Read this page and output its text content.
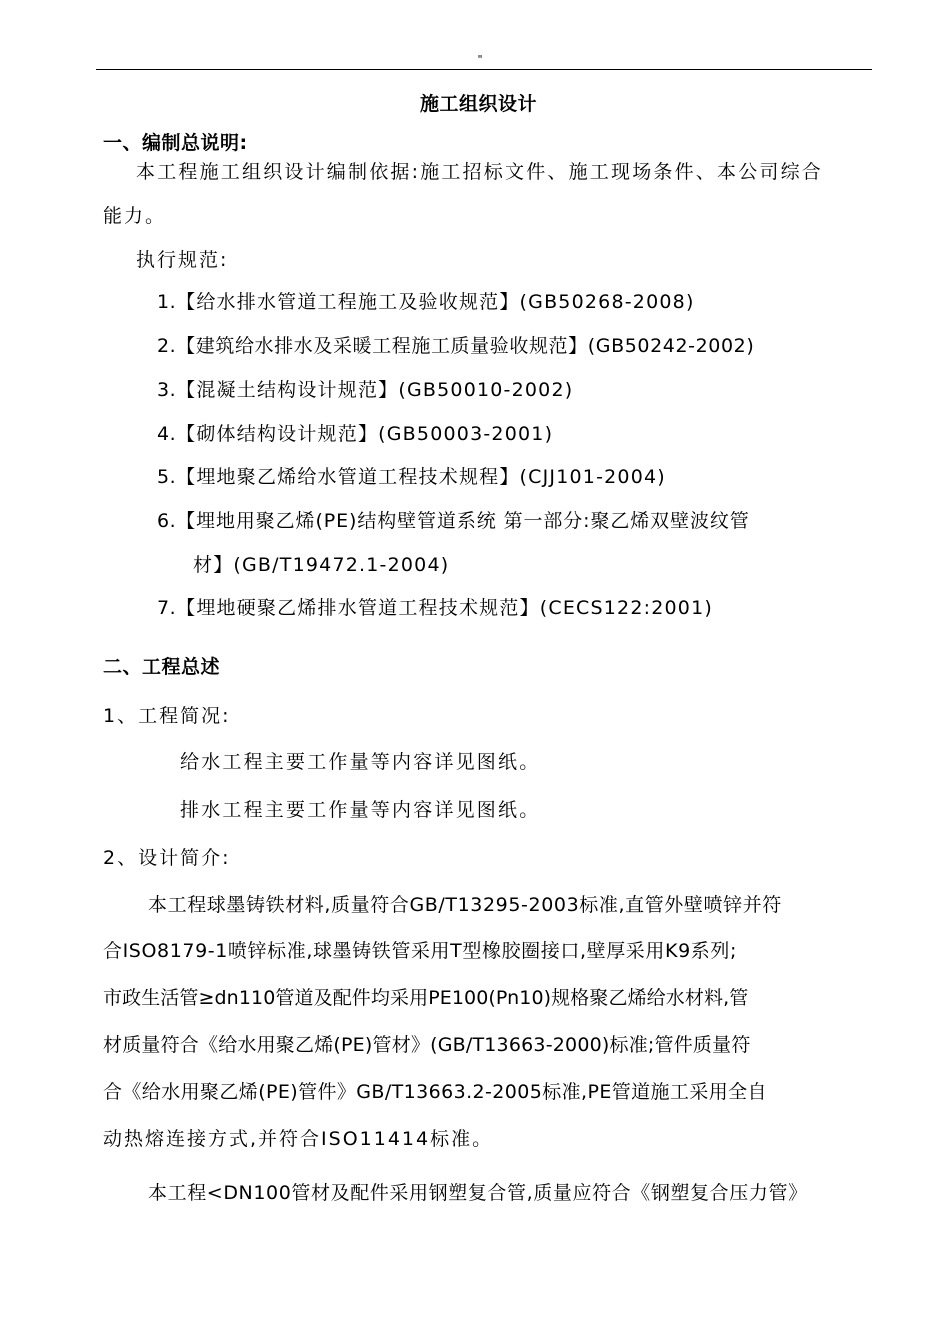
"
施工组织设计
一、编制总说明:
本工程施工组织设计编制依据:施工招标文件、施工现场条件、本公司综合
能力。
执行规范:
1.【给水排水管道工程施工及验收规范】(GB50268-2008)
2.【建筑给水排水及采暖工程施工质量验收规范】(GB50242-2002)
3.【混凝土结构设计规范】(GB50010-2002)
4.【砌体结构设计规范】(GB50003-2001)
5.【埋地聚乙烯给水管道工程技术规程】(CJJ101-2004)
6.【埋地用聚乙烯(PE)结构壁管道系统 第一部分:聚乙烯双壁波纹管
材】(GB/T19472.1-2004)
7.【埋地硬聚乙烯排水管道工程技术规范】(CECS122:2001)
二、工程总述
1、工程简况:
给水工程主要工作量等内容详见图纸。
排水工程主要工作量等内容详见图纸。
2、设计简介:
本工程球墨铸铁材料,质量符合GB/T13295-2003标准,直管外壁喷锌并符
合ISO8179-1喷锌标准,球墨铸铁管采用T型橡胶圈接口,壁厚采用K9系列;
市政生活管≥dn110管道及配件均采用PE100(Pn10)规格聚乙烯给水材料,管
材质量符合《给水用聚乙烯(PE)管材》(GB/T13663-2000)标准;管件质量符
合《给水用聚乙烯(PE)管件》GB/T13663.2-2005标准,PE管道施工采用全自
动热熔连接方式,并符合ISO11414标准。
本工程<DN100管材及配件采用钢塑复合管,质量应符合《钢塑复合压力管》
